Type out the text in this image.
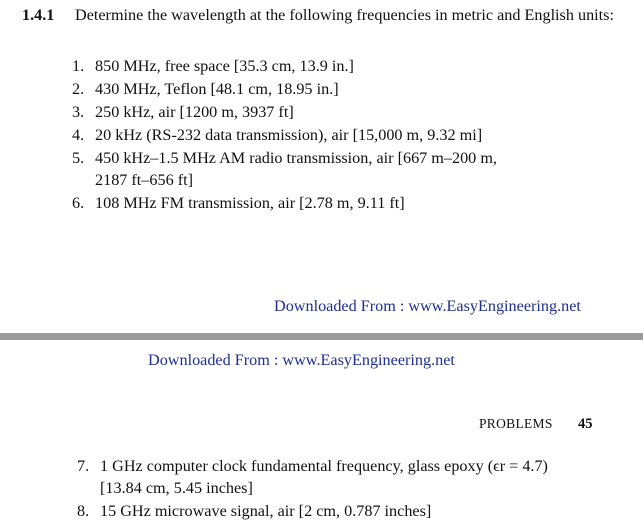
1.4.1 Determine the wavelength at the following frequencies in metric and English units:
1. 850 MHz, free space [35.3 cm, 13.9 in.]
2. 430 MHz, Teflon [48.1 cm, 18.95 in.]
3. 250 kHz, air [1200 m, 3937 ft]
4. 20 kHz (RS-232 data transmission), air [15,000 m, 9.32 mi]
5. 450 kHz–1.5 MHz AM radio transmission, air [667 m–200 m,
2187 ft–656 ft]
6. 108 MHz FM transmission, air [2.78 m, 9.11 ft]
Downloaded From : www.EasyEngineering.net
Downloaded From : www.EasyEngineering.net
PROBLEMS 45
7. 1 GHz computer clock fundamental frequency, glass epoxy (ϵr = 4.7)
[13.84 cm, 5.45 inches]
8. 15 GHz microwave signal, air [2 cm, 0.787 inches]
